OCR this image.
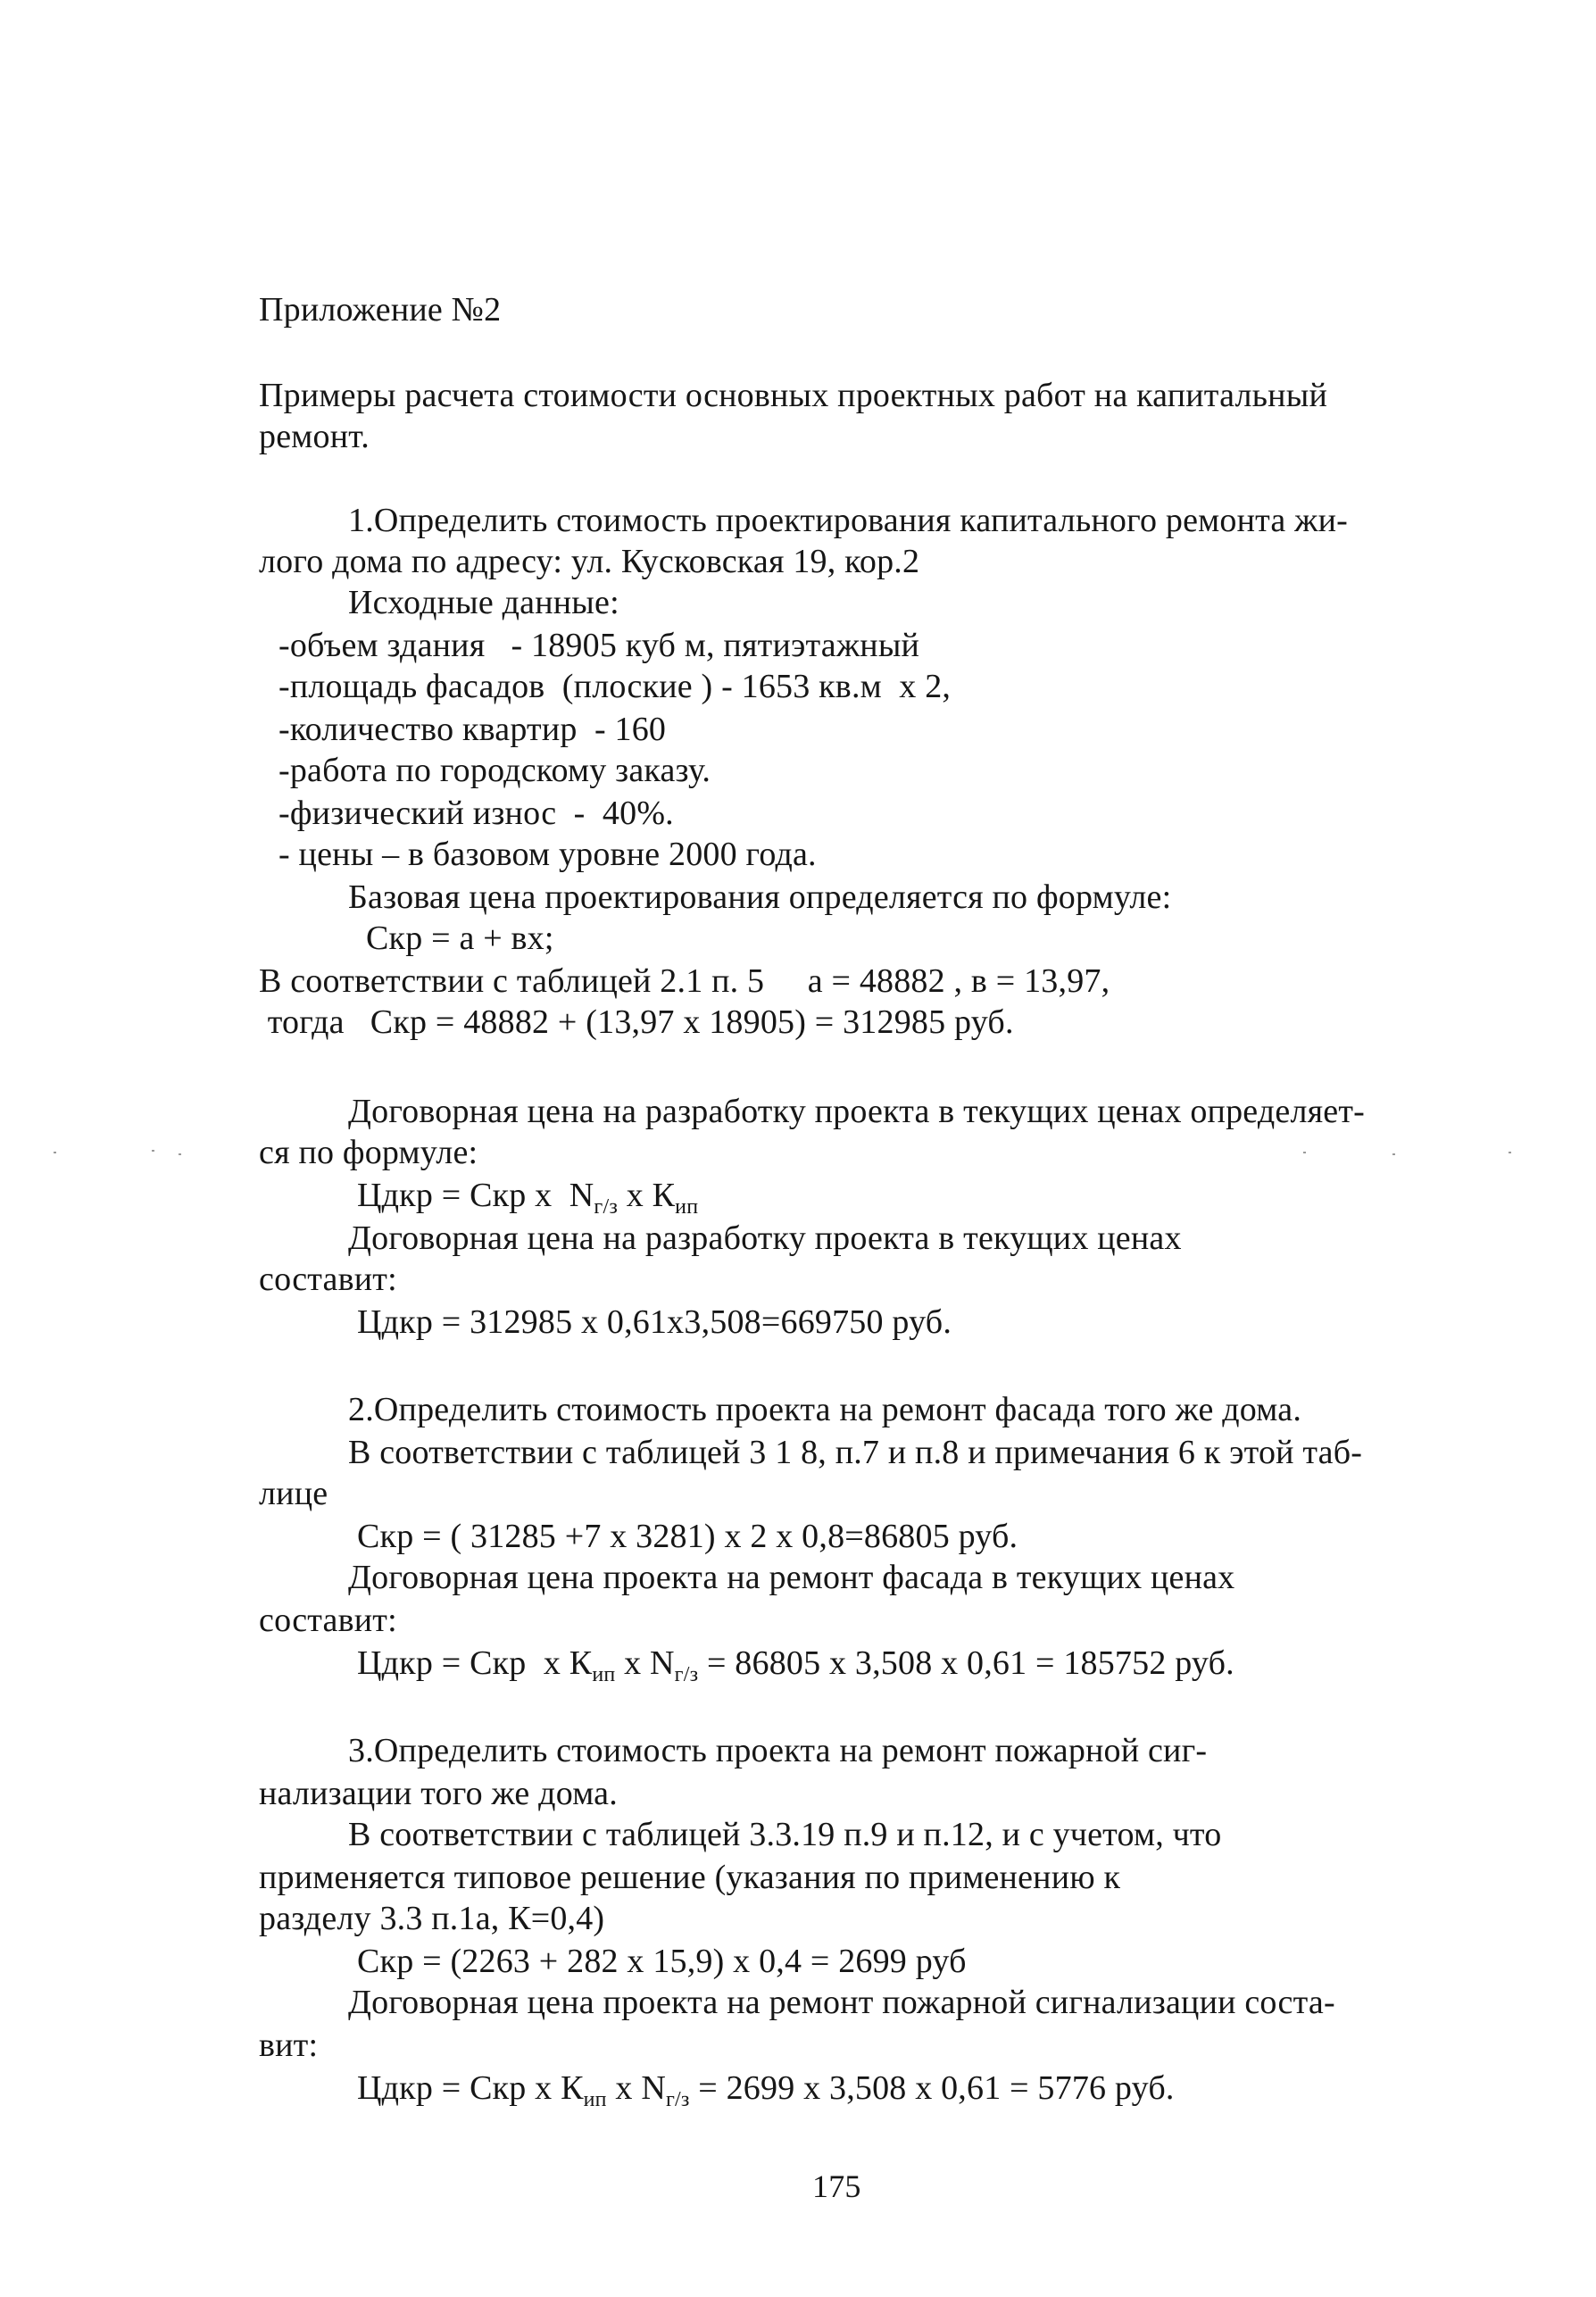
Приложение №2
Примеры расчета стоимости основных проектных работ на капитальный
ремонт.
1.Определить стоимость проектирования капитального ремонта жи-
лого дома по адресу: ул. Кусковская 19, кор.2
Исходные данные:
-объем здания   - 18905 куб м, пятиэтажный
-площадь фасадов  (плоские ) - 1653 кв.м  x 2,
-количество квартир  - 160
-работа по городскому заказу.
-физический износ  -  40%.
- цены – в базовом уровне 2000 года.
Базовая цена проектирования определяется по формуле:
Скр = а + вх;
В соответствии с таблицей 2.1 п. 5     а = 48882 , в = 13,97,
тогда   Скр = 48882 + (13,97 х 18905) = 312985 руб.
Договорная цена на разработку проекта в текущих ценах определяет-
ся по формуле:
Цдкр = Скр х  $N_{г/з}$ х $К_{ип}$
Договорная цена на разработку проекта в текущих ценах
составит:
Цдкр = 312985 х 0,61х3,508=669750 руб.
2.Определить стоимость проекта на ремонт фасада того же дома.
В соответствии с таблицей 3 1 8, п.7 и п.8 и примечания 6 к этой таб-
лице
Скр = ( 31285 +7 х 3281) х 2 х 0,8=86805 руб.
Договорная цена проекта на ремонт фасада в текущих ценах
составит:
Цдкр = Скр  х $К_{ип}$ х $N_{г/з} = 86805$ х 3,508 х 0,61 = 185752 руб.
3.Определить стоимость проекта на ремонт пожарной сиг-
нализации того же дома.
В соответствии с таблицей 3.3.19 п.9 и п.12, и с учетом, что
применяется типовое решение (указания по применению к
разделу 3.3 п.1а, К=0,4)
Скр = (2263 + 282 х 15,9) х 0,4 = 2699 руб
Договорная цена проекта на ремонт пожарной сигнализации соста-
вит:
Цдкр = Скр х $К_{ип}$ х $N_{г/з} = 2699$ х 3,508 х 0,61 = 5776 руб.
175
